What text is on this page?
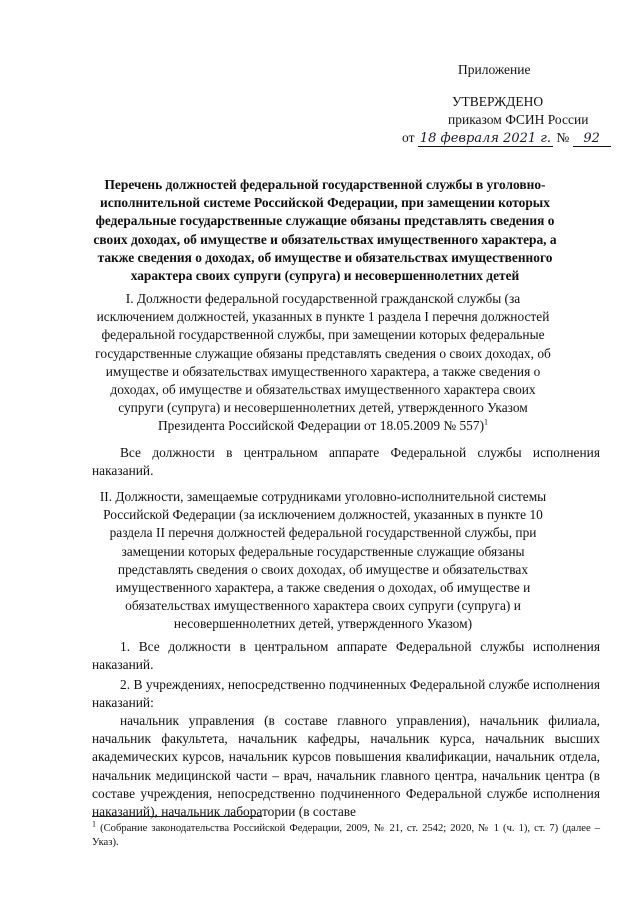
Приложение
УТВЕРЖДЕНО
приказом ФСИН России
от 18 февраля 2021 г. № 92
Перечень должностей федеральной государственной службы в уголовно-исполнительной системе Российской Федерации, при замещении которых федеральные государственные служащие обязаны представлять сведения о своих доходах, об имуществе и обязательствах имущественного характера, а также сведения о доходах, об имуществе и обязательствах имущественного характера своих супруги (супруга) и несовершеннолетних детей
I. Должности федеральной государственной гражданской службы (за исключением должностей, указанных в пункте 1 раздела I перечня должностей федеральной государственной службы, при замещении которых федеральные государственные служащие обязаны представлять сведения о своих доходах, об имуществе и обязательствах имущественного характера, а также сведения о доходах, об имуществе и обязательствах имущественного характера своих супруги (супруга) и несовершеннолетних детей, утвержденного Указом Президента Российской Федерации от 18.05.2009 № 557)$^1$
Все должности в центральном аппарате Федеральной службы исполнения наказаний.
II. Должности, замещаемые сотрудниками уголовно-исполнительной системы Российской Федерации (за исключением должностей, указанных в пункте 10 раздела II перечня должностей федеральной государственной службы, при замещении которых федеральные государственные служащие обязаны представлять сведения о своих доходах, об имуществе и обязательствах имущественного характера, а также сведения о доходах, об имуществе и обязательствах имущественного характера своих супруги (супруга) и несовершеннолетних детей, утвержденного Указом)
1. Все должности в центральном аппарате Федеральной службы исполнения наказаний.
2. В учреждениях, непосредственно подчиненных Федеральной службе исполнения наказаний:
начальник управления (в составе главного управления), начальник филиала, начальник факультета, начальник кафедры, начальник курса, начальник высших академических курсов, начальник курсов повышения квалификации, начальник отдела, начальник медицинской части – врач, начальник главного центра, начальник центра (в составе учреждения, непосредственно подчиненного Федеральной службе исполнения наказаний), начальник лаборатории (в составе
$^1$ (Собрание законодательства Российской Федерации, 2009, № 21, ст. 2542; 2020, № 1 (ч. 1), ст. 7) (далее – Указ).
